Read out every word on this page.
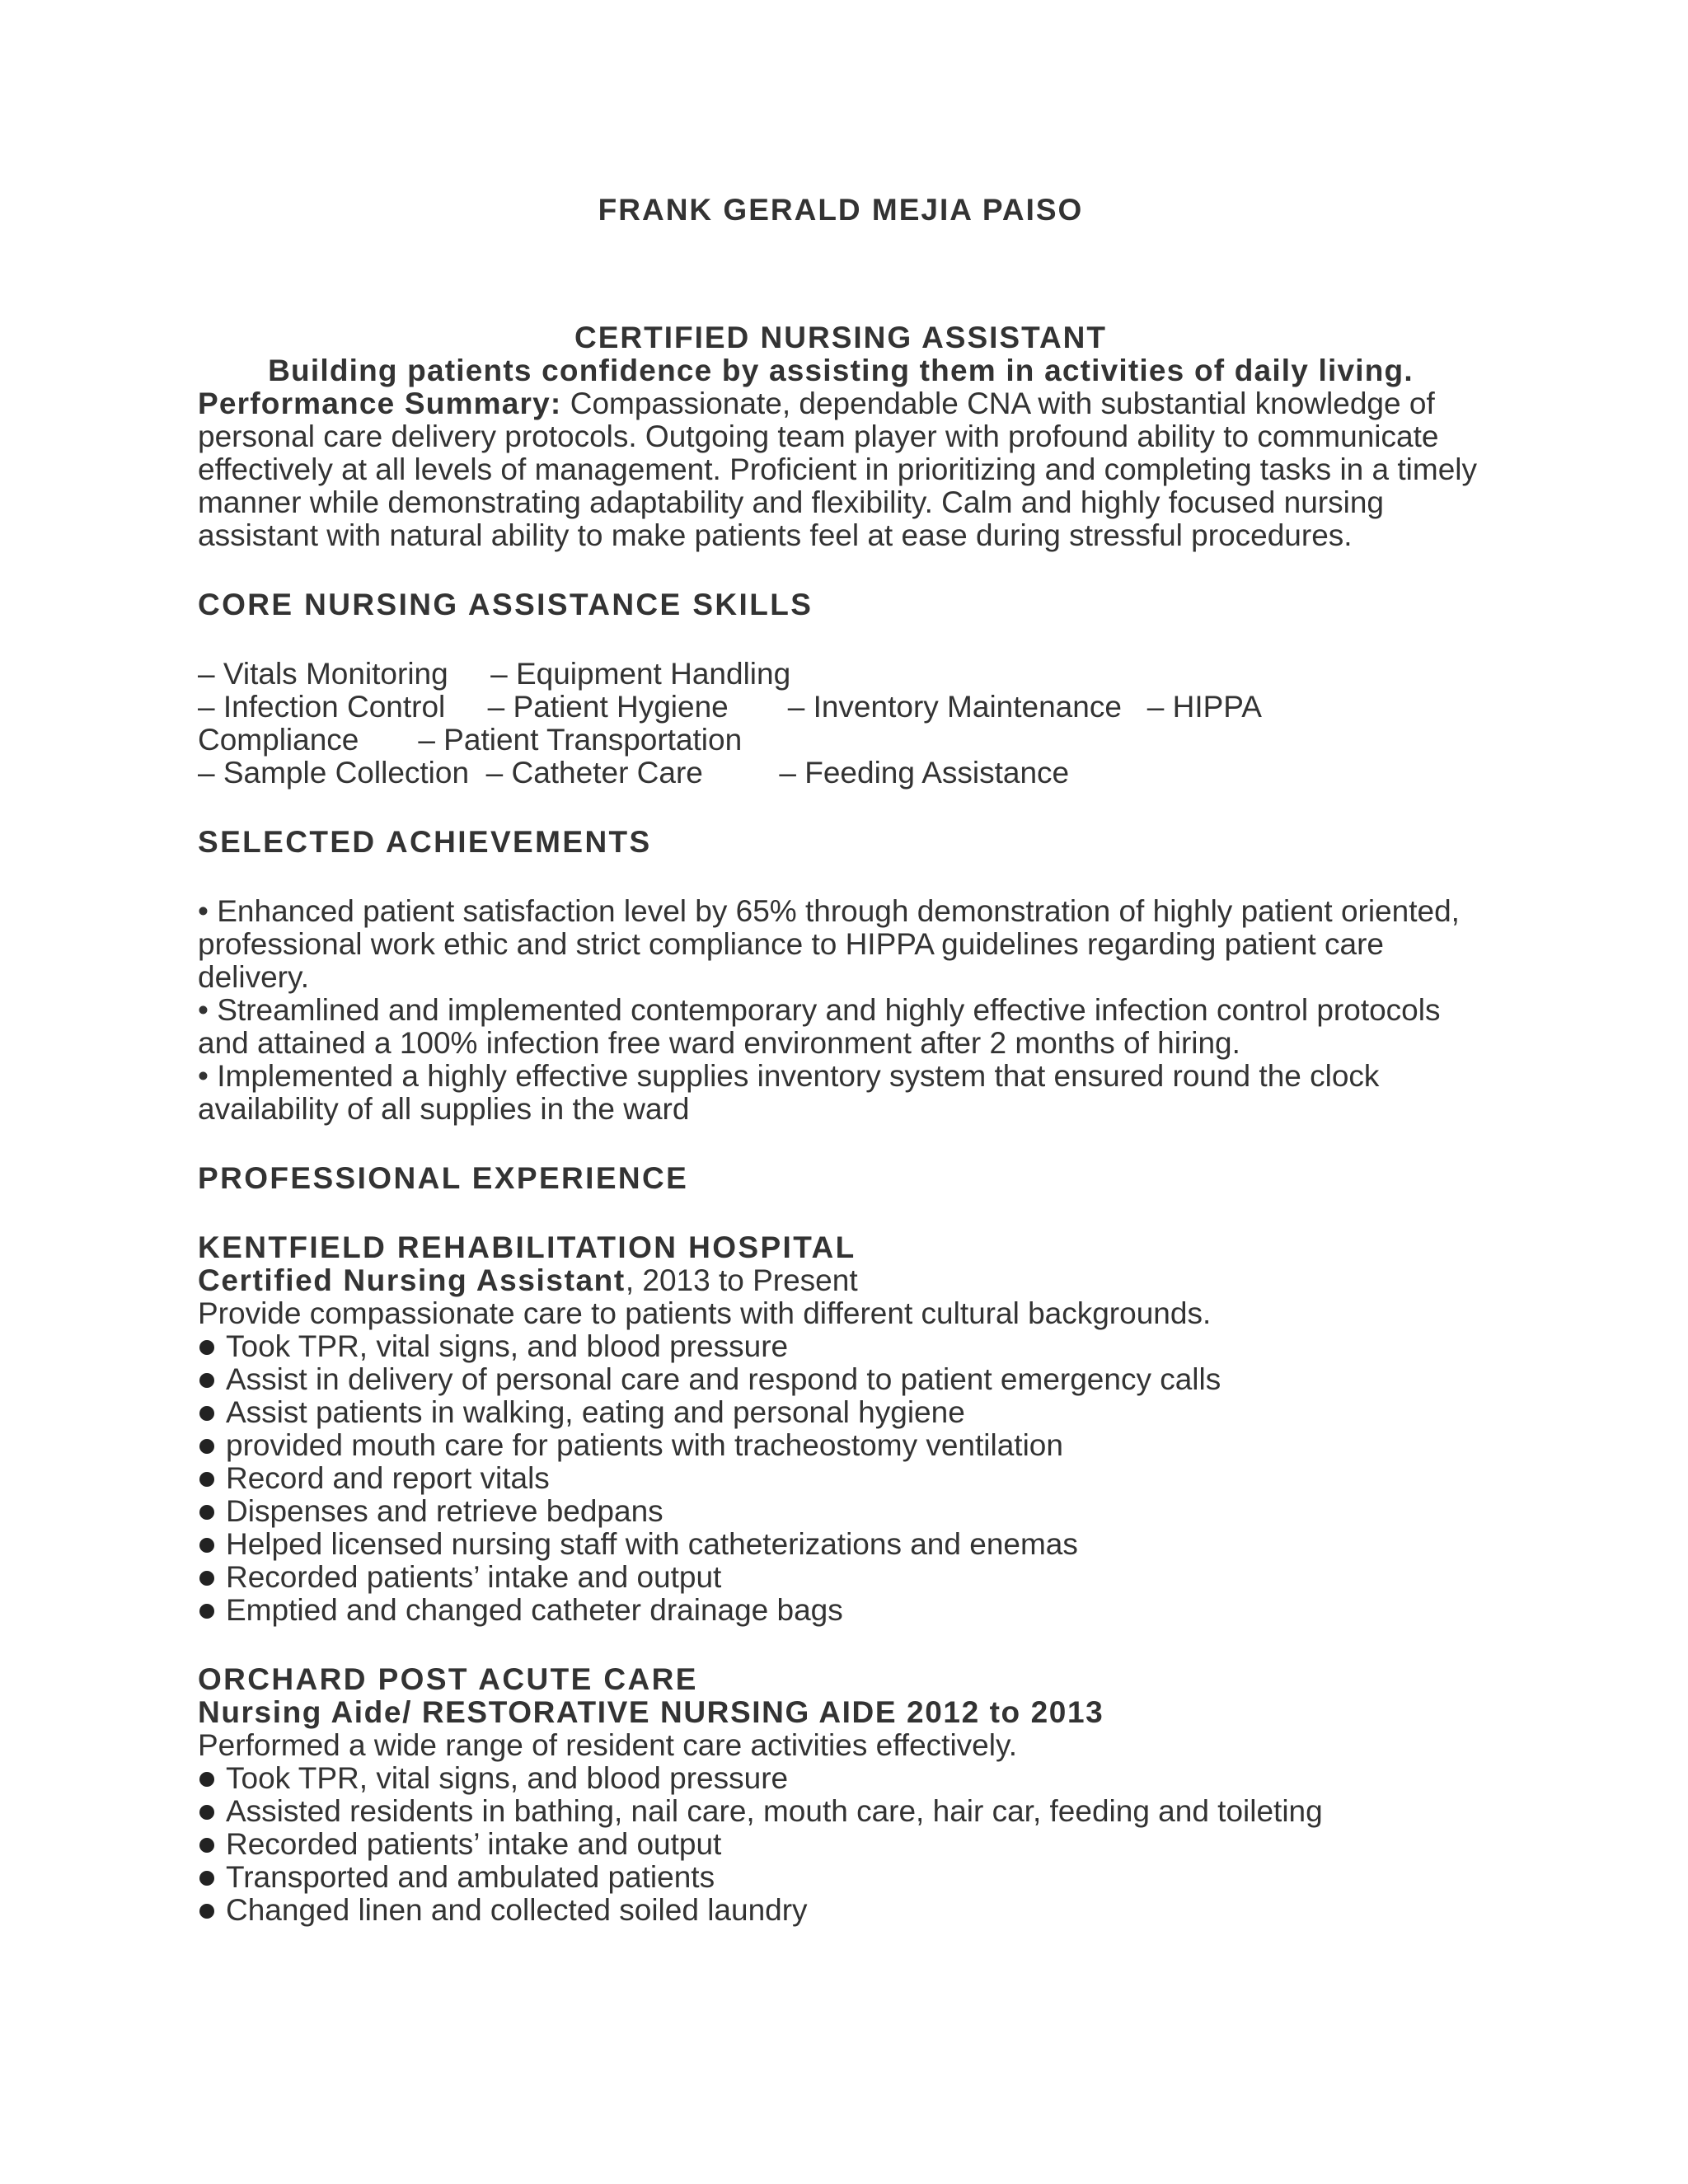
FRANK GERALD MEJIA PAISO
CERTIFIED NURSING ASSISTANT
Building patients confidence by assisting them in activities of daily living.
Performance Summary: Compassionate, dependable CNA with substantial knowledge of personal care delivery protocols. Outgoing team player with profound ability to communicate effectively at all levels of management. Proficient in prioritizing and completing tasks in a timely manner while demonstrating adaptability and flexibility. Calm and highly focused nursing assistant with natural ability to make patients feel at ease during stressful procedures.
CORE NURSING ASSISTANCE SKILLS
– Vitals Monitoring     – Equipment Handling
– Infection Control     – Patient Hygiene       – Inventory Maintenance   – HIPPA
Compliance       – Patient Transportation
– Sample Collection  – Catheter Care         – Feeding Assistance
SELECTED ACHIEVEMENTS
• Enhanced patient satisfaction level by 65% through demonstration of highly patient oriented, professional work ethic and strict compliance to HIPPA guidelines regarding patient care delivery.
• Streamlined and implemented contemporary and highly effective infection control protocols and attained a 100% infection free ward environment after 2 months of hiring.
• Implemented a highly effective supplies inventory system that ensured round the clock availability of all supplies in the ward
PROFESSIONAL EXPERIENCE
KENTFIELD REHABILITATION HOSPITAL
Certified Nursing Assistant, 2013 to Present
Provide compassionate care to patients with different cultural backgrounds.
Took TPR, vital signs, and blood pressure
Assist in delivery of personal care and respond to patient emergency calls
Assist patients in walking, eating and personal hygiene
provided mouth care for patients with tracheostomy ventilation
Record and report vitals
Dispenses and retrieve bedpans
Helped licensed nursing staff with catheterizations and enemas
Recorded patients’ intake and output
Emptied and changed catheter drainage bags
ORCHARD POST ACUTE CARE
Nursing Aide/ RESTORATIVE NURSING AIDE 2012 to 2013
Performed a wide range of resident care activities effectively.
Took TPR, vital signs, and blood pressure
Assisted residents in bathing, nail care, mouth care, hair car, feeding and toileting
Recorded patients’ intake and output
Transported and ambulated patients
Changed linen and collected soiled laundry
